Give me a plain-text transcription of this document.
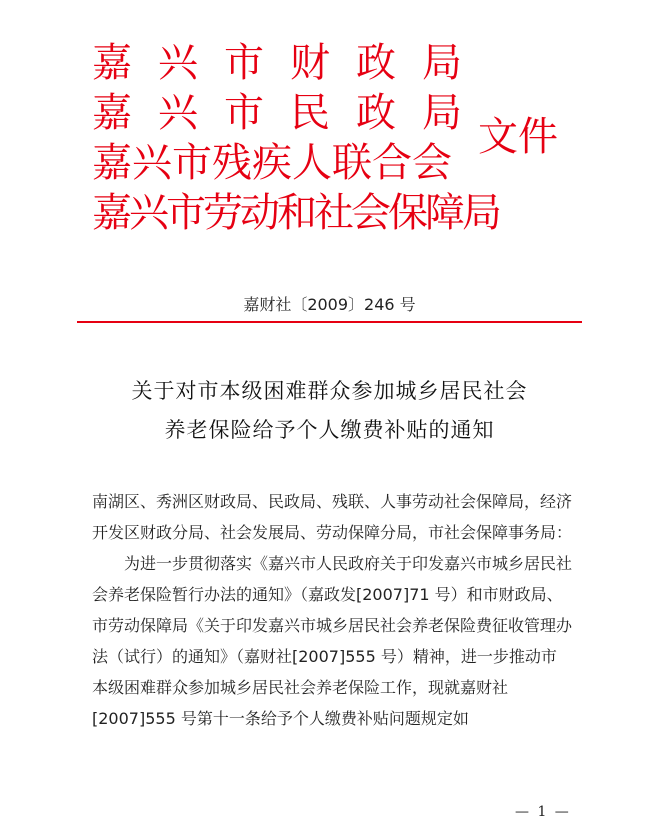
嘉兴市财政局
嘉兴市民政局
嘉兴市残疾人联合会
嘉兴市劳动和社会保障局
文件
嘉财社〔2009〕246 号
关于对市本级困难群众参加城乡居民社会
养老保险给予个人缴费补贴的通知

南湖区、秀洲区财政局、民政局、残联、人事劳动社会保障局，经济开发区财政分局、社会发展局、劳动保障分局，市社会保障事务局：

为进一步贯彻落实《嘉兴市人民政府关于印发嘉兴市城乡居民社会养老保险暂行办法的通知》（嘉政发[2007]71 号）和市财政局、市劳动保障局《关于印发嘉兴市城乡居民社会养老保险费征收管理办法（试行）的通知》（嘉财社[2007]555 号）精神，进一步推动市本级困难群众参加城乡居民社会养老保险工作，现就嘉财社[2007]555 号第十一条给予个人缴费补贴问题规定如

— 1 —
